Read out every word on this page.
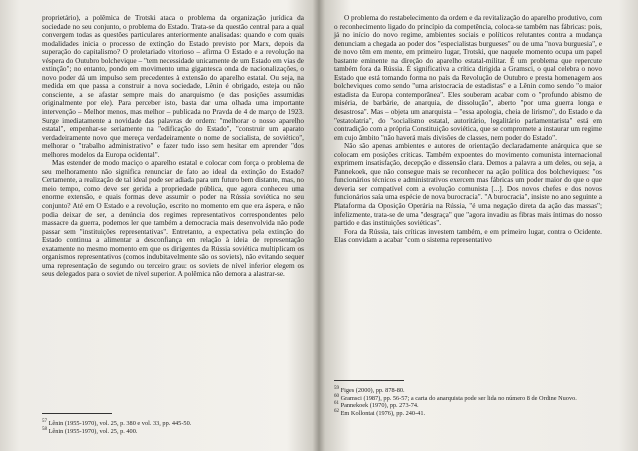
proprietário), a polêmica de Trotski ataca o problema da organização jurídica da sociedade no seu conjunto, o problema do Estado. Trata-se da questão central para a qual convergem todas as questões particulares anteriormente analisadas: quando e com quais modalidades inicia o processo de extinção do Estado previsto por Marx, depois da superação do capitalismo? O proletariado vitorioso – afirma O Estado e a revolução na véspera do Outubro bolchevique – "tem necessidade unicamente de um Estado em vias de extinção"; no entanto, pondo em movimento uma gigantesca onda de nacionalizações, o novo poder dá um impulso sem precedentes à extensão do aparelho estatal. Ou seja, na medida em que passa a construir a nova sociedade, Lênin é obrigado, esteja ou não consciente, a se afastar sempre mais do anarquismo (e das posições assumidas originalmente por ele). Para perceber isto, basta dar uma olhada uma importante intervenção – Melhor menos, mas melhor – publicada no Pravda de 4 de março de 1923. Surge imediatamente a novidade das palavras de ordem: "melhorar o nosso aparelho estatal", empenhar-se seriamente na "edificação do Estado", "construir um aparato verdadeiramente novo que mereça verdadeiramente o nome de socialista, de soviético", melhorar o "trabalho administrativo" e fazer tudo isso sem hesitar em aprender "dos melhores modelos da Europa ocidental".

Mas estender de modo maciço o aparelho estatal e colocar com força o problema de seu melhoramento não significa renunciar de fato ao ideal da extinção do Estado? Certamente, a realização de tal ideal pode ser adiada para um futuro bem distante, mas, no meio tempo, como deve ser gerida a propriedade pública, que agora conheceu uma enorme extensão, e quais formas deve assumir o poder na Rússia soviética no seu conjunto? Até em O Estado e a revolução, escrito no momento em que era áspera, e não podia deixar de ser, a denúncia dos regimes representativos correspondentes pelo massacre da guerra, podemos ler que também a democracia mais desenvolvida não pode passar sem "instituições representativas". Entretanto, a expectativa pela extinção do Estado continua a alimentar a desconfiança em relação à ideia de representação exatamente no mesmo momento em que os dirigentes da Rússia soviética multiplicam os organismos representativos (comos indubitavelmente são os soviets), não evitando sequer uma representação de segundo ou terceiro grau: os soviets de nível inferior elegem os seus delegados para o soviet de nível superior. A polêmica não demora a alastrar-se.

$^{57}$ Lênin (1955-1970), vol. 25, p. 380 e vol. 33, pp. 445-50.

$^{58}$ Lênin (1955-1970), vol. 25, p. 400.

O problema do restabelecimento da ordem e da revitalização do aparelho produtivo, com o reconhecimento ligado do princípio da competência, coloca-se também nas fábricas: pois, já no início do novo regime, ambientes sociais e políticos relutantes contra a mudança denunciam a chegada ao poder dos "especialistas burgueses" ou de uma "nova burguesia", e de novo têm em mente, em primeiro lugar, Trotski, que naquele momento ocupa um papel bastante eminente na direção do aparelho estatal-militar. É um problema que repercute também fora da Rússia. É significativa a crítica dirigida a Gramsci, o qual celebra o novo Estado que está tomando forma no país da Revolução de Outubro e presta homenagem aos bolcheviques como sendo "uma aristocracia de estadistas" e a Lênin como sendo "o maior estadista da Europa contemporânea". Eles souberam acabar com o "profundo abismo de miséria, de barbárie, de anarquia, de dissolução", aberto "por uma guerra longa e desastrosa". Mas – objeta um anarquista – "essa apologia, cheia de lirismo", do Estado e da "estatolatria", do "socialismo estatal, autoritário, legalitário parlamentarista" está em contradição com a própria Constituição soviética, que se compromete a instaurar um regime em cujo âmbito "não haverá mais divisões de classes, nem poder do Estado".

Não são apenas ambientes e autores de orientação declaradamente anárquica que se colocam em posições críticas. Também expoentes do movimento comunista internacional exprimem insatisfação, decepção e dissensão clara. Demos a palavra a um deles, ou seja, a Pannekoek, que não consegue mais se reconhecer na ação política dos bolcheviques: "os funcionários técnicos e administrativos exercem mas fábricas um poder maior do que o que deveria ser compatível com a evolução comunista [...]. Dos novos chefes e dos novos funcionários saía uma espécie de nova burocracia". "A burocracia", insiste no ano seguinte a Plataforma da Oposição Operária na Rússia, "é uma negação direta da ação das massas"; infelizmente, trata-se de uma "desgraça" que "agora invadiu as fibras mais íntimas do nosso partido e das instituições soviéticas".

Fora da Rússia, tais críticas investem também, e em primeiro lugar, contra o Ocidente. Elas convidam a acabar "com o sistema representativo

$^{59}$ Figes (2000), pp. 878-80.

$^{60}$ Gramsci (1987), pp. 56-57; a carta do anarquista pode ser lida no número 8 de Ordine Nuovo.

$^{61}$ Pannekoek (1970), pp. 273-74.

$^{62}$ Em Kollontai (1976), pp. 240-41.
